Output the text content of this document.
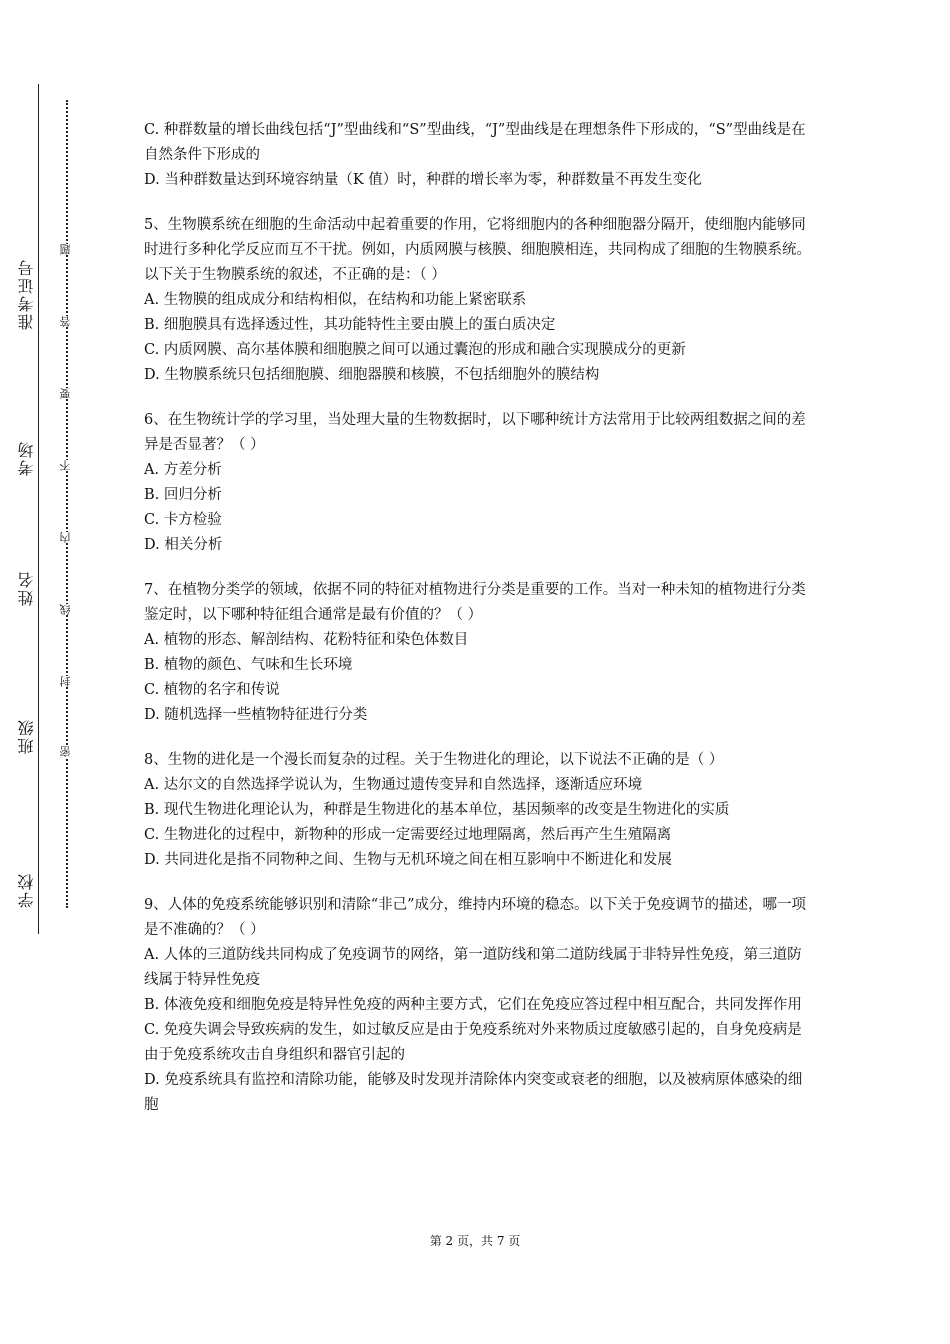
学校
班级
姓名
考场
准考证号
密
封
线
内
不
要
答
题

C. 种群数量的增长曲线包括“J”型曲线和“S”型曲线，“J”型曲线是在理想条件下形成的，“S”型曲线是在自然条件下形成的

D. 当种群数量达到环境容纳量（K 值）时，种群的增长率为零，种群数量不再发生变化

5、生物膜系统在细胞的生命活动中起着重要的作用，它将细胞内的各种细胞器分隔开，使细胞内能够同时进行多种化学反应而互不干扰。例如，内质网膜与核膜、细胞膜相连，共同构成了细胞的生物膜系统。以下关于生物膜系统的叙述，不正确的是：（ ）

A. 生物膜的组成成分和结构相似，在结构和功能上紧密联系

B. 细胞膜具有选择透过性，其功能特性主要由膜上的蛋白质决定

C. 内质网膜、高尔基体膜和细胞膜之间可以通过囊泡的形成和融合实现膜成分的更新

D. 生物膜系统只包括细胞膜、细胞器膜和核膜，不包括细胞外的膜结构

6、在生物统计学的学习里，当处理大量的生物数据时，以下哪种统计方法常用于比较两组数据之间的差异是否显著？（ ）

A. 方差分析

B. 回归分析

C. 卡方检验

D. 相关分析

7、在植物分类学的领域，依据不同的特征对植物进行分类是重要的工作。当对一种未知的植物进行分类鉴定时，以下哪种特征组合通常是最有价值的？（ ）

A. 植物的形态、解剖结构、花粉特征和染色体数目

B. 植物的颜色、气味和生长环境

C. 植物的名字和传说

D. 随机选择一些植物特征进行分类

8、生物的进化是一个漫长而复杂的过程。关于生物进化的理论，以下说法不正确的是（ ）

A. 达尔文的自然选择学说认为，生物通过遗传变异和自然选择，逐渐适应环境

B. 现代生物进化理论认为，种群是生物进化的基本单位，基因频率的改变是生物进化的实质

C. 生物进化的过程中，新物种的形成一定需要经过地理隔离，然后再产生生殖隔离

D. 共同进化是指不同物种之间、生物与无机环境之间在相互影响中不断进化和发展

9、人体的免疫系统能够识别和清除“非己”成分，维持内环境的稳态。以下关于免疫调节的描述，哪一项是不准确的？（ ）

A. 人体的三道防线共同构成了免疫调节的网络，第一道防线和第二道防线属于非特异性免疫，第三道防线属于特异性免疫

B. 体液免疫和细胞免疫是特异性免疫的两种主要方式，它们在免疫应答过程中相互配合，共同发挥作用

C. 免疫失调会导致疾病的发生，如过敏反应是由于免疫系统对外来物质过度敏感引起的，自身免疫病是由于免疫系统攻击自身组织和器官引起的

D. 免疫系统具有监控和清除功能，能够及时发现并清除体内突变或衰老的细胞，以及被病原体感染的细胞

第 2 页，共 7 页
